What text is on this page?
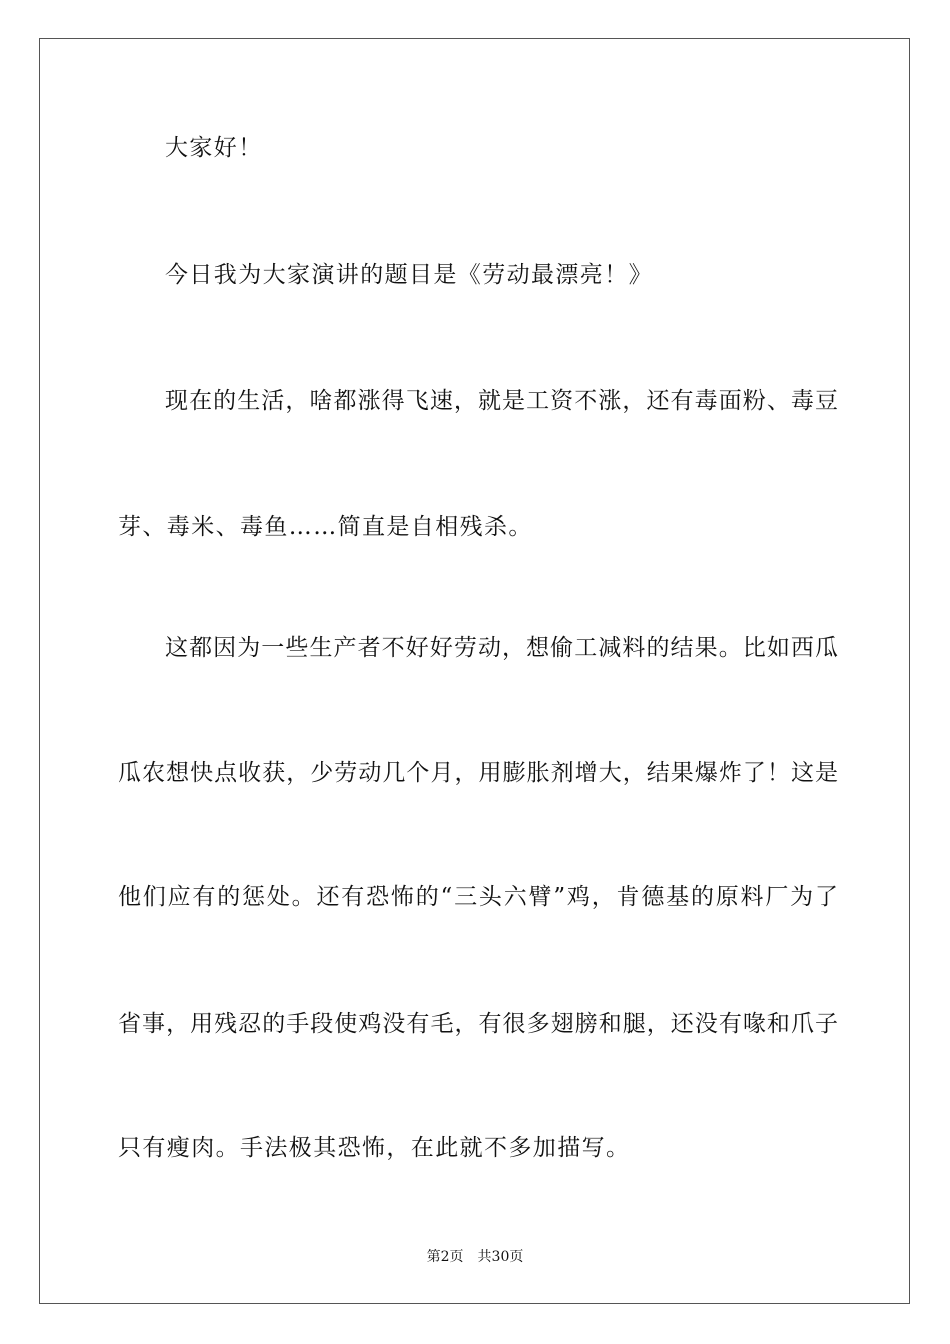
大家好！
今日我为大家演讲的题目是《劳动最漂亮！》
现在的生活，啥都涨得飞速，就是工资不涨，还有毒面粉、毒豆
芽、毒米、毒鱼……简直是自相残杀。
这都因为一些生产者不好好劳动，想偷工减料的结果。比如西瓜
瓜农想快点收获，少劳动几个月，用膨胀剂增大，结果爆炸了！这是
他们应有的惩处。还有恐怖的“三头六臂”鸡，肯德基的原料厂为了
省事，用残忍的手段使鸡没有毛，有很多翅膀和腿，还没有喙和爪子
只有瘦肉。手法极其恐怖，在此就不多加描写。
第2页 共30页
